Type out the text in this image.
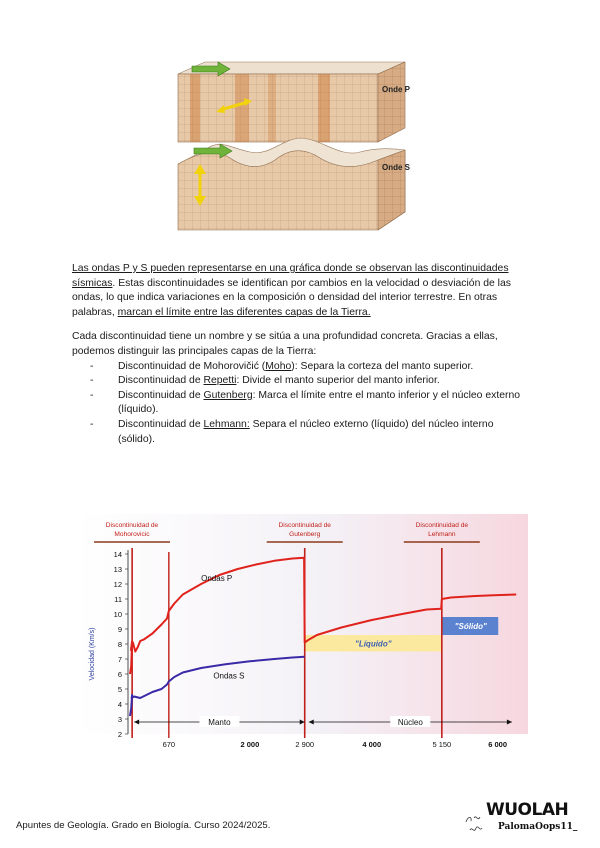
Onde P
Onde S

Las ondas P y S pueden representarse en una gráfica donde se observan las discontinuidades sísmicas. Estas discontinuidades se identifican por cambios en la velocidad o desviación de las ondas, lo que indica variaciones en la composición o densidad del interior terrestre. En otras palabras, marcan el límite entre las diferentes capas de la Tierra.

Cada discontinuidad tiene un nombre y se sitúa a una profundidad concreta. Gracias a ellas, podemos distinguir las principales capas de la Tierra:

- Discontinuidad de Mohorovičić (Moho): Separa la corteza del manto superior.
- Discontinuidad de Repetti: Divide el manto superior del manto inferior.
- Discontinuidad de Gutenberg: Marca el límite entre el manto inferior y el núcleo externo (líquido).
- Discontinuidad de Lehmann: Separa el núcleo externo (líquido) del núcleo interno (sólido).
"Líquido"
"Sólido"
2
3
4
5
6
7
8
9
10
11
12
13
14
Velocidad (Km/s)
670	2 000	2 900	4 000	5 150	6 000
Discontinuidad de
Mohorovicic
Discontinuidad de
Gutenberg
Discontinuidad de
Lehmann
Manto	Núcleo
Ondas P
Ondas S
Apuntes de Geología. Grado en Biología. Curso 2024/2025.
WUOLAH
PalomaOops11_
